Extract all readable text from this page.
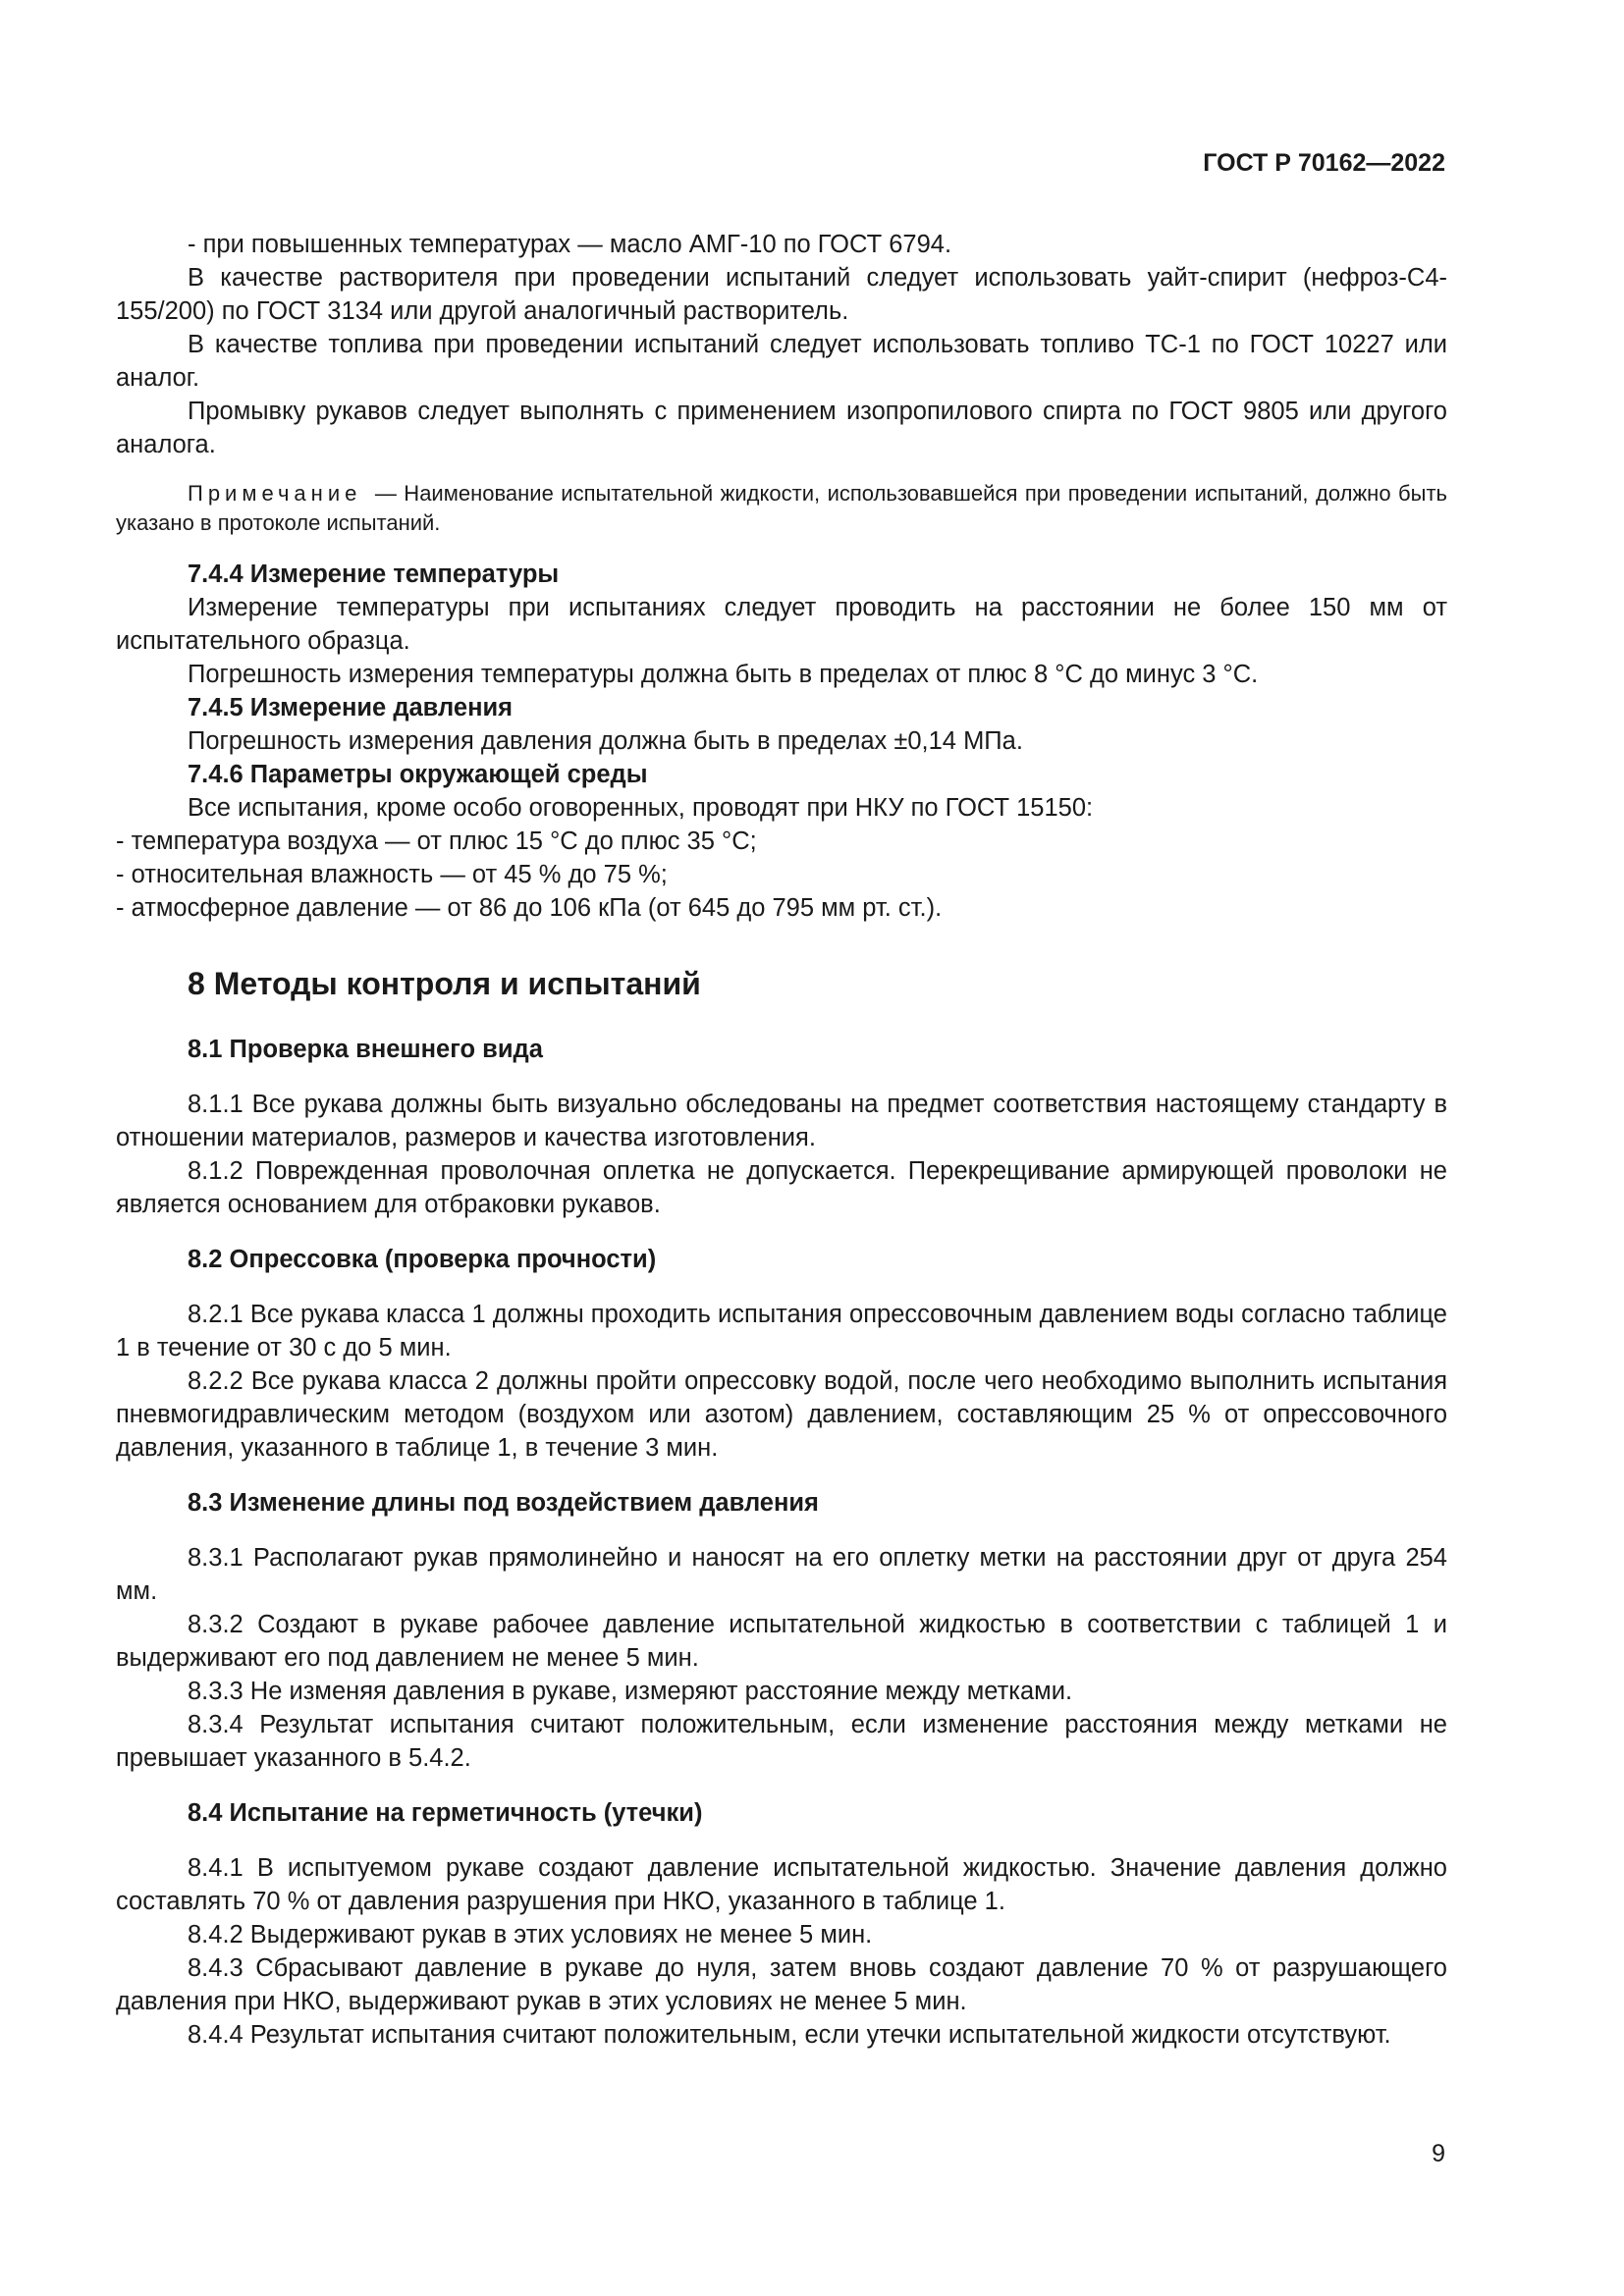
ГОСТ Р 70162—2022

- при повышенных температурах — масло АМГ-10 по ГОСТ 6794.

В качестве растворителя при проведении испытаний следует использовать уайт-спирит (нефроз-С4-155/200) по ГОСТ 3134 или другой аналогичный растворитель.

В качестве топлива при проведении испытаний следует использовать топливо ТС-1 по ГОСТ 10227 или аналог.

Промывку рукавов следует выполнять с применением изопропилового спирта по ГОСТ 9805 или другого аналога.

Примечание — Наименование испытательной жидкости, использовавшейся при проведении испытаний, должно быть указано в протоколе испытаний.

7.4.4 Измерение температуры

Измерение температуры при испытаниях следует проводить на расстоянии не более 150 мм от испытательного образца.

Погрешность измерения температуры должна быть в пределах от плюс 8 °С до минус 3 °С.

7.4.5 Измерение давления

Погрешность измерения давления должна быть в пределах ±0,14 МПа.

7.4.6 Параметры окружающей среды

Все испытания, кроме особо оговоренных, проводят при НКУ по ГОСТ 15150:

- температура воздуха — от плюс 15 °С до плюс 35 °С;

- относительная влажность — от 45 % до 75 %;

- атмосферное давление — от 86 до 106 кПа (от 645 до 795 мм рт. ст.).

8 Методы контроля и испытаний

8.1 Проверка внешнего вида

8.1.1 Все рукава должны быть визуально обследованы на предмет соответствия настоящему стандарту в отношении материалов, размеров и качества изготовления.

8.1.2 Поврежденная проволочная оплетка не допускается. Перекрещивание армирующей проволоки не является основанием для отбраковки рукавов.

8.2 Опрессовка (проверка прочности)

8.2.1 Все рукава класса 1 должны проходить испытания опрессовочным давлением воды согласно таблице 1 в течение от 30 с до 5 мин.

8.2.2 Все рукава класса 2 должны пройти опрессовку водой, после чего необходимо выполнить испытания пневмогидравлическим методом (воздухом или азотом) давлением, составляющим 25 % от опрессовочного давления, указанного в таблице 1, в течение 3 мин.

8.3 Изменение длины под воздействием давления

8.3.1 Располагают рукав прямолинейно и наносят на его оплетку метки на расстоянии друг от друга 254 мм.

8.3.2 Создают в рукаве рабочее давление испытательной жидкостью в соответствии с таблицей 1 и выдерживают его под давлением не менее 5 мин.

8.3.3 Не изменяя давления в рукаве, измеряют расстояние между метками.

8.3.4 Результат испытания считают положительным, если изменение расстояния между метками не превышает указанного в 5.4.2.

8.4 Испытание на герметичность (утечки)

8.4.1 В испытуемом рукаве создают давление испытательной жидкостью. Значение давления должно составлять 70 % от давления разрушения при НКО, указанного в таблице 1.

8.4.2 Выдерживают рукав в этих условиях не менее 5 мин.

8.4.3 Сбрасывают давление в рукаве до нуля, затем вновь создают давление 70 % от разрушающего давления при НКО, выдерживают рукав в этих условиях не менее 5 мин.

8.4.4 Результат испытания считают положительным, если утечки испытательной жидкости отсутствуют.

9
